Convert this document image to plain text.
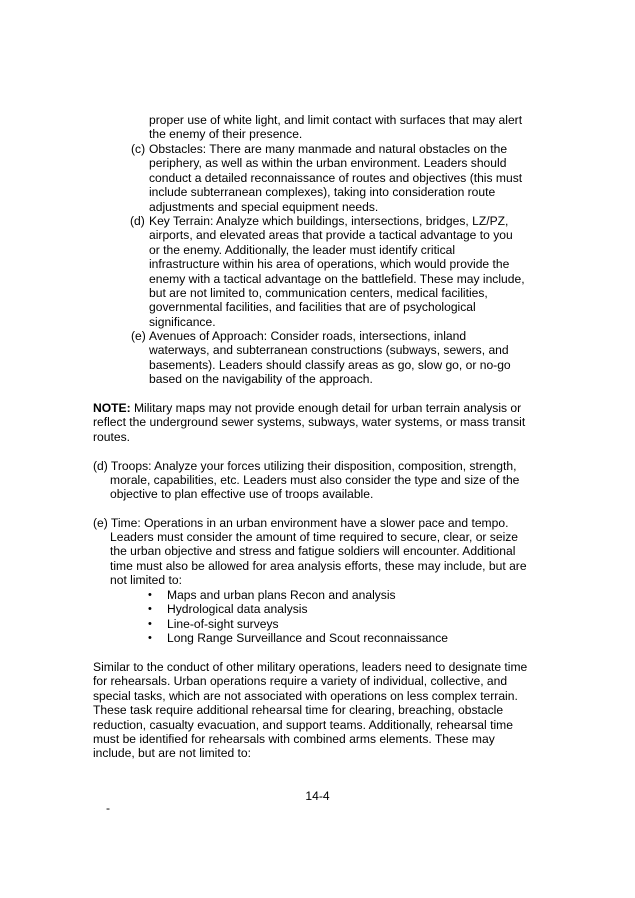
proper use of white light, and limit contact with surfaces that may alert
the enemy of their presence.

(c) Obstacles: There are many manmade and natural obstacles on the
periphery, as well as within the urban environment. Leaders should
conduct a detailed reconnaissance of routes and objectives (this must
include subterranean complexes), taking into consideration route
adjustments and special equipment needs.

(d) Key Terrain: Analyze which buildings, intersections, bridges, LZ/PZ,
airports, and elevated areas that provide a tactical advantage to you
or the enemy. Additionally, the leader must identify critical
infrastructure within his area of operations, which would provide the
enemy with a tactical advantage on the battlefield. These may include,
but are not limited to, communication centers, medical facilities,
governmental facilities, and facilities that are of psychological
significance.

(e) Avenues of Approach: Consider roads, intersections, inland
waterways, and subterranean constructions (subways, sewers, and
basements). Leaders should classify areas as go, slow go, or no-go
based on the navigability of the approach.

NOTE: Military maps may not provide enough detail for urban terrain analysis or
reflect the underground sewer systems, subways, water systems, or mass transit
routes.

(d) Troops: Analyze your forces utilizing their disposition, composition, strength,

morale, capabilities, etc. Leaders must also consider the type and size of the
objective to plan effective use of troops available.

(e) Time: Operations in an urban environment have a slower pace and tempo.

Leaders must consider the amount of time required to secure, clear, or seize
the urban objective and stress and fatigue soldiers will encounter. Additional
time must also be allowed for area analysis efforts, these may include, but are
not limited to:

• Maps and urban plans Recon and analysis
• Hydrological data analysis
• Line-of-sight surveys
• Long Range Surveillance and Scout reconnaissance

Similar to the conduct of other military operations, leaders need to designate time
for rehearsals. Urban operations require a variety of individual, collective, and
special tasks, which are not associated with operations on less complex terrain.
These task require additional rehearsal time for clearing, breaching, obstacle
reduction, casualty evacuation, and support teams. Additionally, rehearsal time
must be identified for rehearsals with combined arms elements. These may
include, but are not limited to:

14-4
-
